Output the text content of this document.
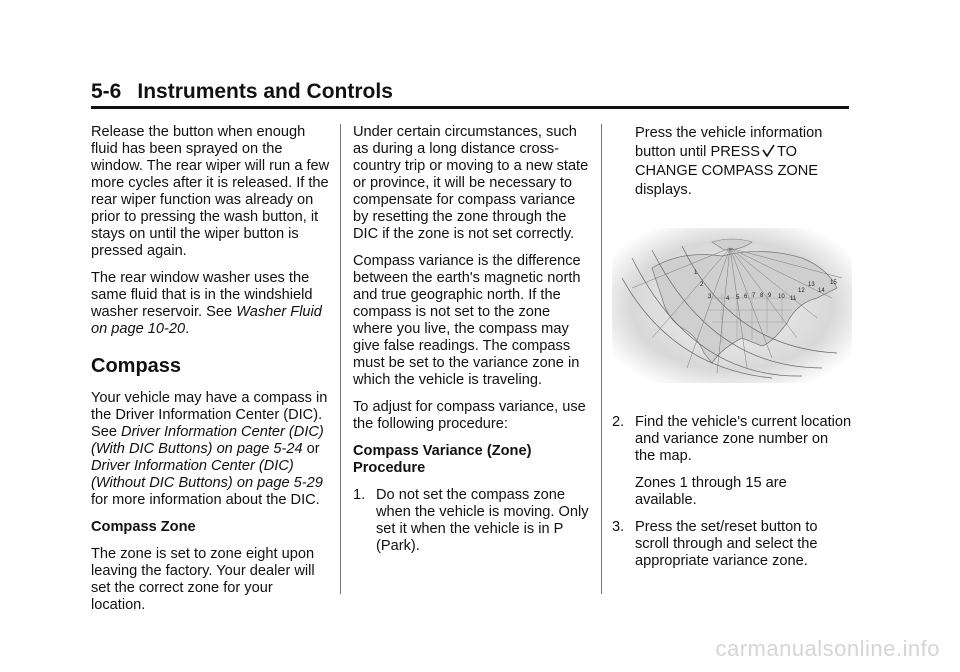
5-6 Instruments and Controls

Release the button when enough fluid has been sprayed on the window. The rear wiper will run a few more cycles after it is released. If the rear wiper function was already on prior to pressing the wash button, it stays on until the wiper button is pressed again.

The rear window washer uses the same fluid that is in the windshield washer reservoir. See Washer Fluid on page 10-20.

Compass

Your vehicle may have a compass in the Driver Information Center (DIC). See Driver Information Center (DIC) (With DIC Buttons) on page 5-24 or Driver Information Center (DIC) (Without DIC Buttons) on page 5-29 for more information about the DIC.

Compass Zone

The zone is set to zone eight upon leaving the factory. Your dealer will set the correct zone for your location.

Under certain circumstances, such as during a long distance cross-country trip or moving to a new state or province, it will be necessary to compensate for compass variance by resetting the zone through the DIC if the zone is not set correctly.

Compass variance is the difference between the earth's magnetic north and true geographic north. If the compass is not set to the zone where you live, the compass may give false readings. The compass must be set to the variance zone in which the vehicle is traveling.

To adjust for compass variance, use the following procedure:

Compass Variance (Zone) Procedure

1. Do not set the compass zone when the vehicle is moving. Only set it when the vehicle is in P (Park).

Press the vehicle information button until PRESS TO CHANGE COMPASS ZONE displays.

1
2
3 4 5 6 7 8 9 10 11
12
13
14
15
2. Find the vehicle's current location and variance zone number on the map.
Zones 1 through 15 are available.
3. Press the set/reset button to scroll through and select the appropriate variance zone.
carmanualsonline.info
